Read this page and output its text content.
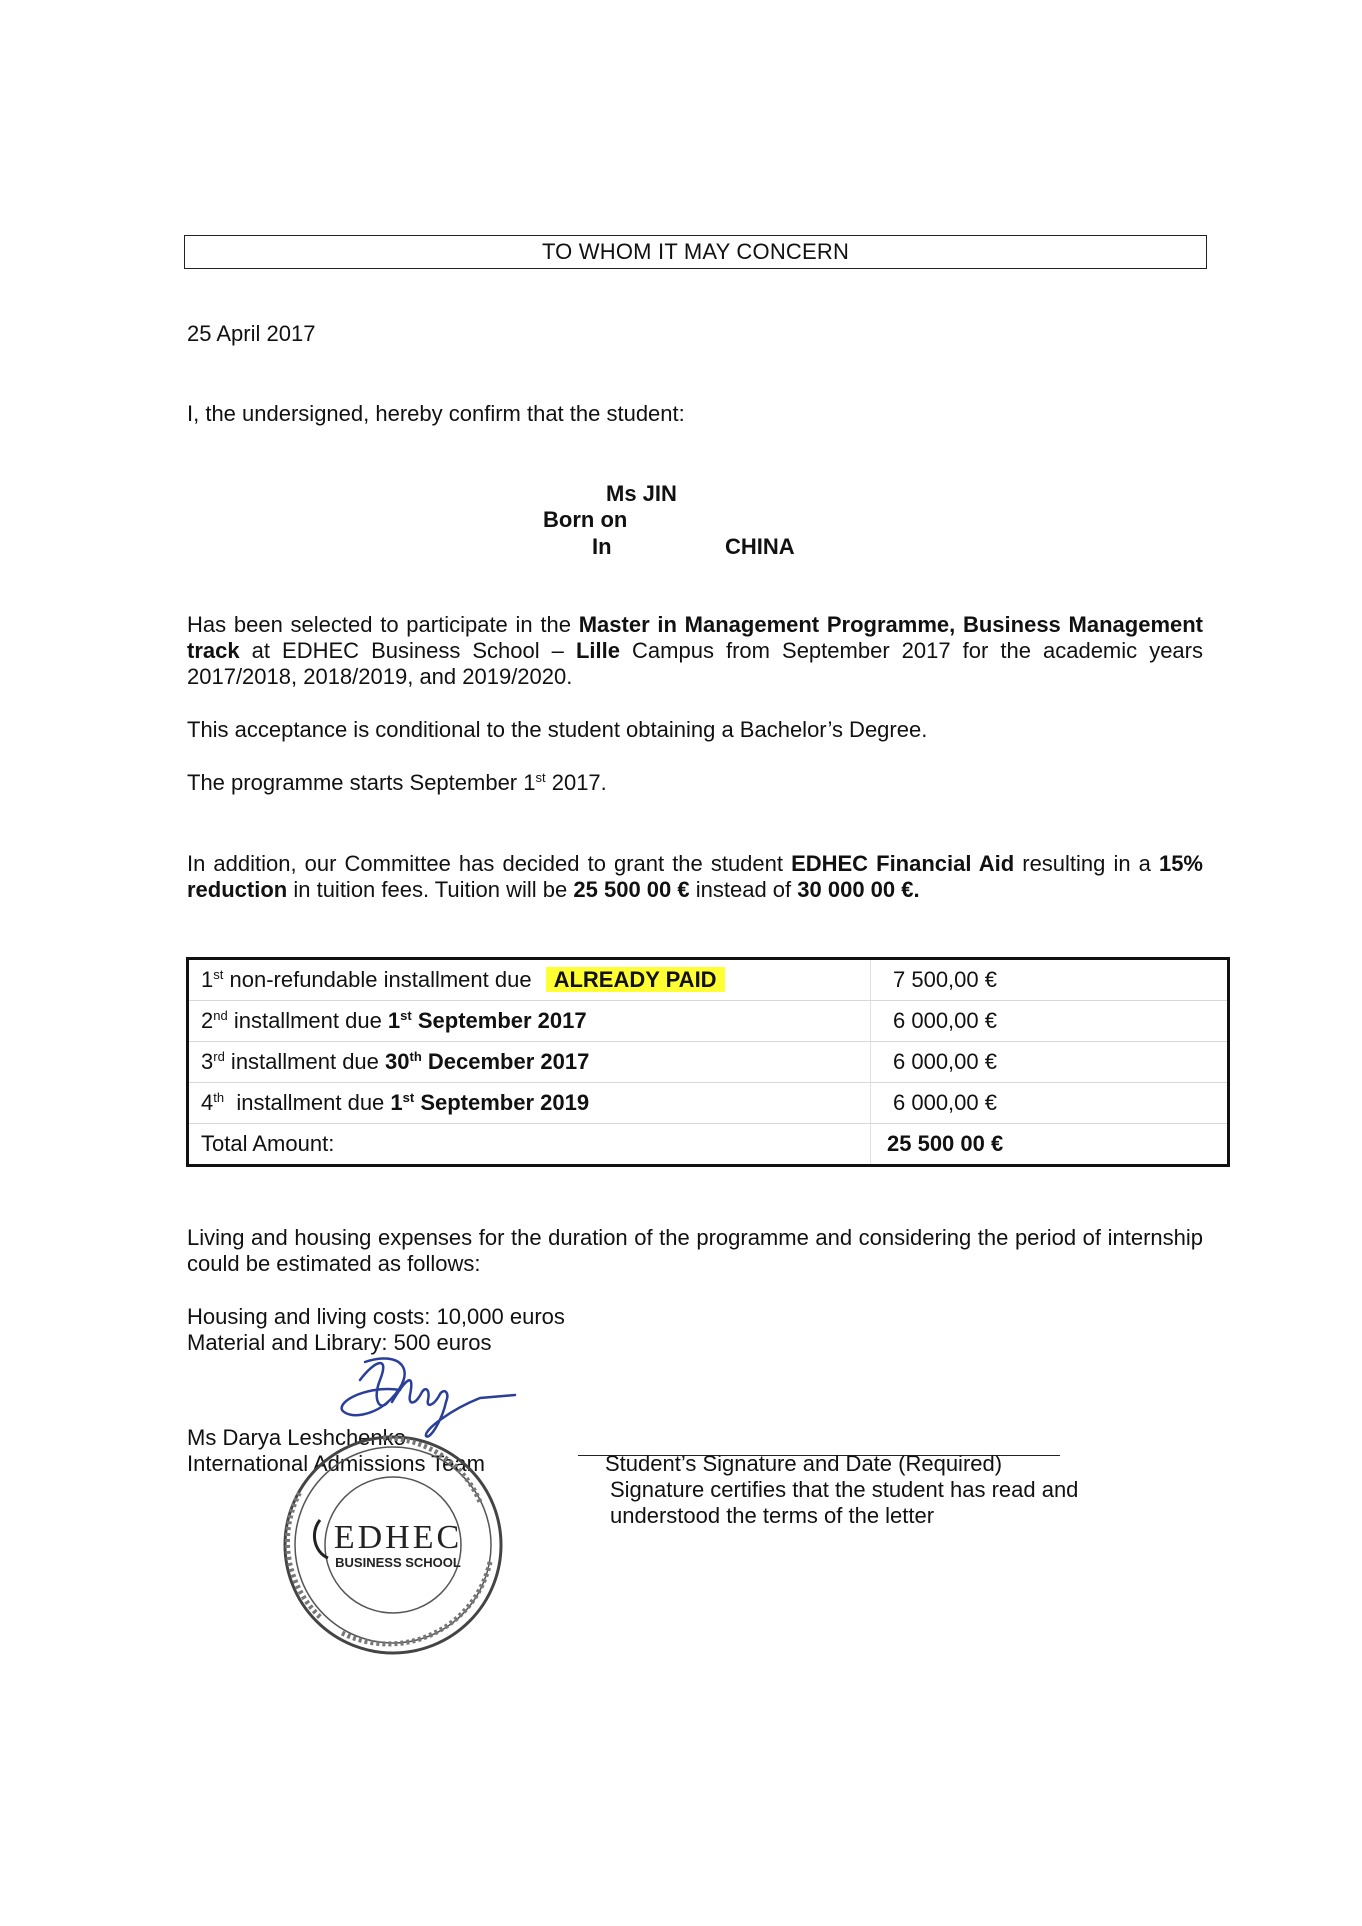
TO WHOM IT MAY CONCERN
25 April 2017
I, the undersigned, hereby confirm that the student:
Ms JIN
Born on
In	CHINA
Has been selected to participate in the Master in Management Programme, Business Management track at EDHEC Business School – Lille Campus from September 2017 for the academic years 2017/2018, 2018/2019, and 2019/2020.
This acceptance is conditional to the student obtaining a Bachelor’s Degree.
The programme starts September 1st 2017.
In addition, our Committee has decided to grant the student EDHEC Financial Aid resulting in a 15% reduction in tuition fees. Tuition will be 25 500 00 € instead of 30 000 00 €.
1st non-refundable installment due ALREADY PAID	7 500,00 €
2nd installment due 1st September 2017	6 000,00 €
3rd installment due 30th December 2017	6 000,00 €
4th  installment due 1st September 2019	6 000,00 €
Total Amount:	25 500 00 €
Living and housing expenses for the duration of the programme and considering the period of internship could be estimated as follows:
Housing and living costs: 10,000 euros
Material and Library: 500 euros
Ms Darya Leshchenko
International Admissions Team
EDHEC
BUSINESS SCHOOL
Student’s Signature and Date (Required)
Signature certifies that the student has read and
understood the terms of the letter
